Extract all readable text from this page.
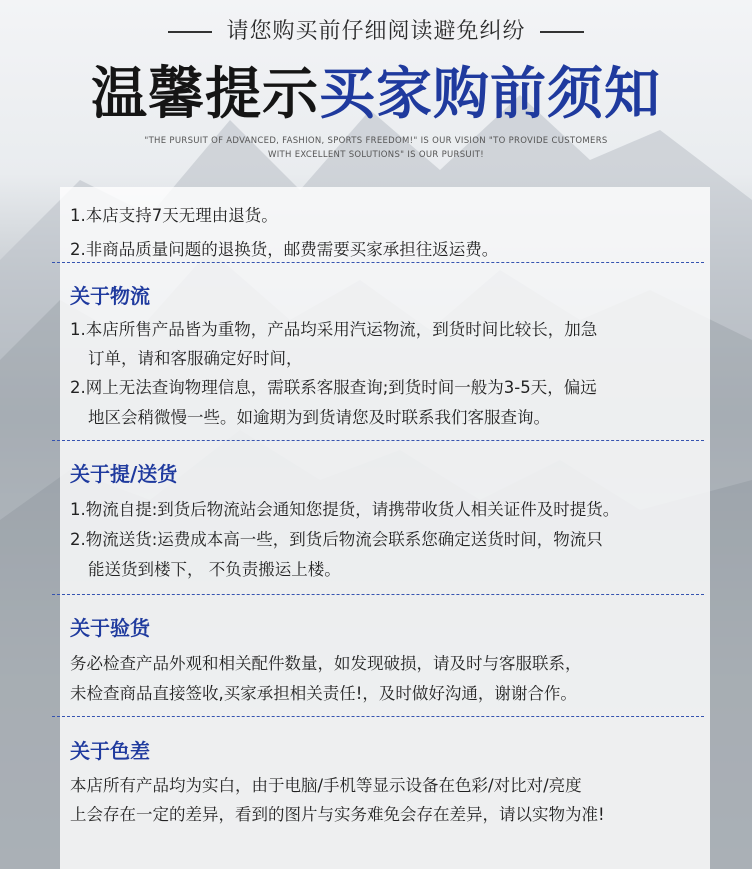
请您购买前仔细阅读避免纠纷
温馨提示买家购前须知
"THE PURSUIT OF ADVANCED, FASHION, SPORTS FREEDOM!" IS OUR VISION "TO PROVIDE CUSTOMERS
WITH EXCELLENT SOLUTIONS" IS OUR PURSUIT!
1.本店支持7天无理由退货。
2.非商品质量问题的退换货，邮费需要买家承担往返运费。
关于物流
1.本店所售产品皆为重物，产品均采用汽运物流，到货时间比较长，加急
订单，请和客服确定好时间，
2.网上无法查询物理信息，需联系客服查询;到货时间一般为3-5天，偏远
地区会稍微慢一些。如逾期为到货请您及时联系我们客服查询。
关于提/送货
1.物流自提:到货后物流站会通知您提货，请携带收货人相关证件及时提货。
2.物流送货:运费成本高一些，到货后物流会联系您确定送货时间，物流只
能送货到楼下， 不负责搬运上楼。
关于验货
务必检查产品外观和相关配件数量，如发现破损，请及时与客服联系，
未检查商品直接签收,买家承担相关责任!，及时做好沟通，谢谢合作。
关于色差
本店所有产品均为实白，由于电脑/手机等显示设备在色彩/对比对/亮度
上会存在一定的差异，看到的图片与实务难免会存在差异，请以实物为准!
